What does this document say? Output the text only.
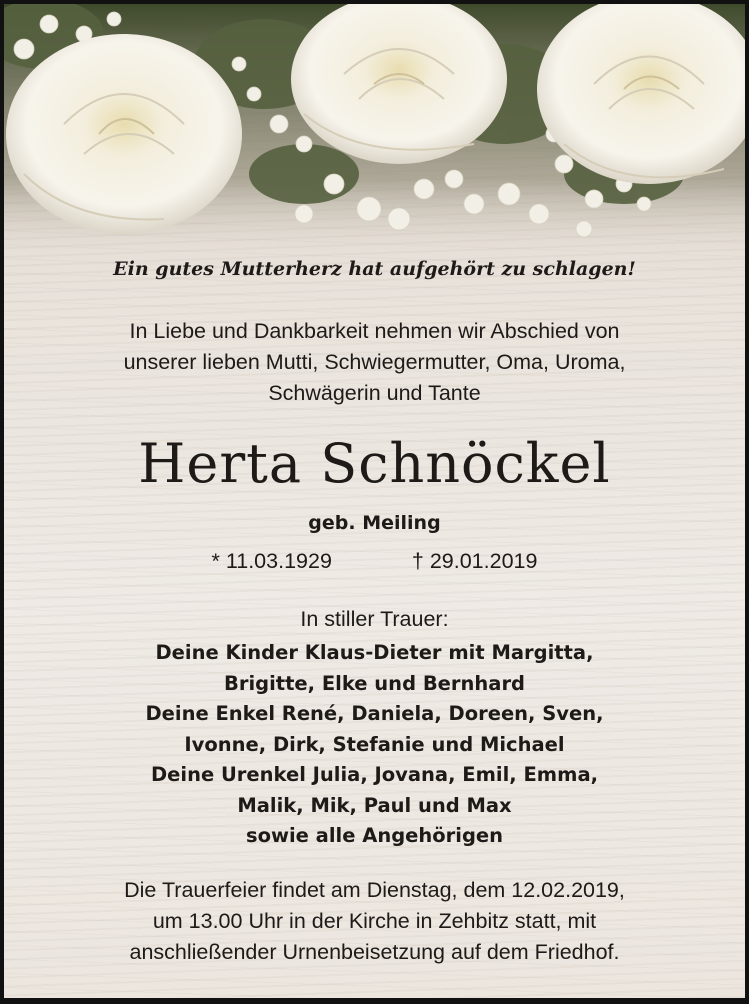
Ein gutes Mutterherz hat aufgehört zu schlagen!
In Liebe und Dankbarkeit nehmen wir Abschied von
unserer lieben Mutti, Schwiegermutter, Oma, Uroma,
Schwägerin und Tante
Herta Schnöckel
geb. Meiling
* 11.03.1929	† 29.01.2019
In stiller Trauer:
Deine Kinder Klaus-Dieter mit Margitta,
Brigitte, Elke und Bernhard
Deine Enkel René, Daniela, Doreen, Sven,
Ivonne, Dirk, Stefanie und Michael
Deine Urenkel Julia, Jovana, Emil, Emma,
Malik, Mik, Paul und Max
sowie alle Angehörigen
Die Trauerfeier findet am Dienstag, dem 12.02.2019,
um 13.00 Uhr in der Kirche in Zehbitz statt, mit
anschließender Urnenbeisetzung auf dem Friedhof.
